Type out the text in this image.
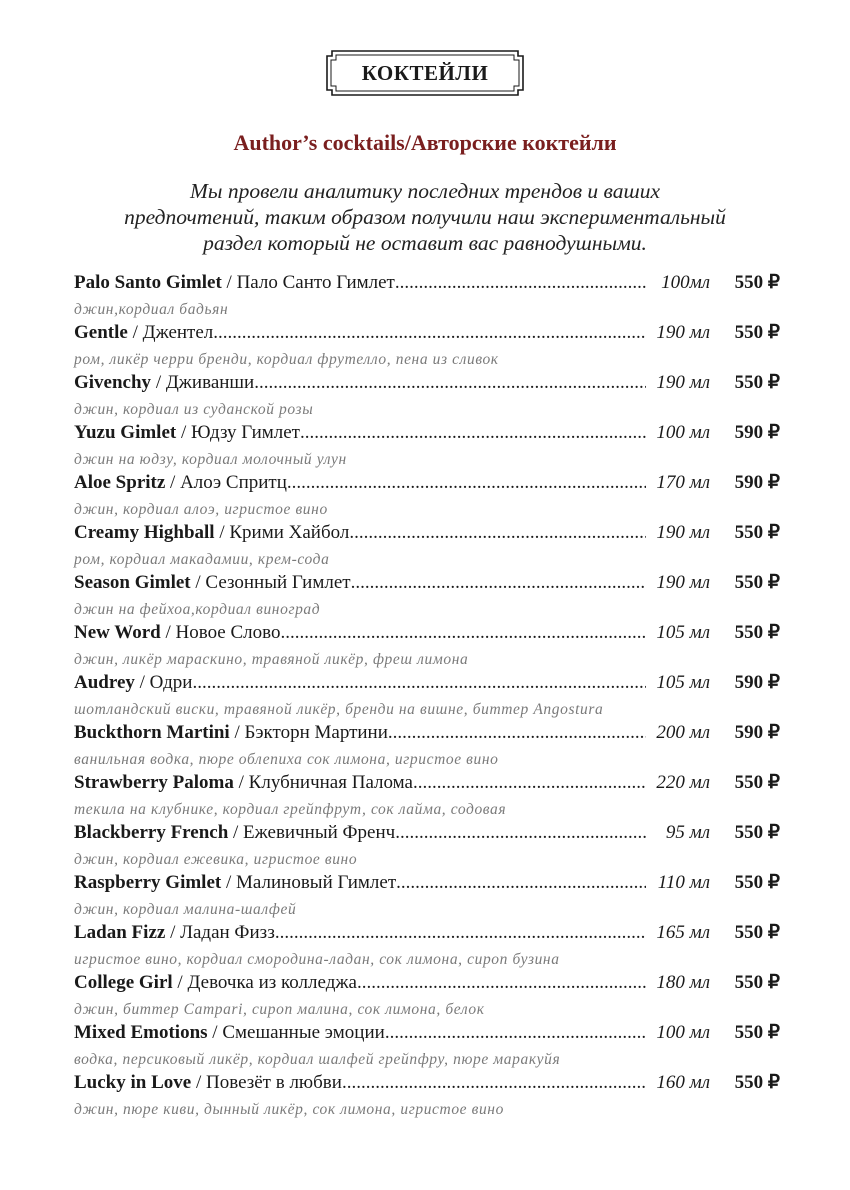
КОКТЕЙЛИ
Author’s cocktails/Авторские коктейли
Мы провели аналитику последних трендов и ваших
предпочтений, таким образом получили наш экспериментальный
раздел который не оставит вас равнодушными.
Palo Santo Gimlet / Пало Санто Гимлет .....	100мл	550 ₽
джин,кордиал бадьян
Gentle / Джентел .....	190 мл	550 ₽
ром, ликёр черри бренди, кордиал фрутелло, пена из сливок
Givenchy / Дживанши .....	190 мл	550 ₽
джин, кордиал из суданской розы
Yuzu Gimlet / Юдзу Гимлет .....	100 мл	590 ₽
джин на юдзу, кордиал молочный улун
Aloe Spritz / Алоэ Спритц .....	170 мл	590 ₽
джин, кордиал алоэ, игристое вино
Creamy Highball / Крими Хайбол .....	190 мл	550 ₽
ром, кордиал макадамии, крем-сода
Season Gimlet / Сезонный Гимлет .....	190 мл	550 ₽
джин на фейхоа,кордиал виноград
New Word / Новое Слово .....	105 мл	550 ₽
джин, ликёр мараскино, травяной ликёр, фреш лимона
Audrey / Одри .....	105 мл	590 ₽
шотландский виски, травяной ликёр, бренди на вишне, биттер Angostura
Buckthorn Martini / Бэкторн Мартини .....	200 мл	590 ₽
ванильная водка, пюре облепиха сок лимона, игристое вино
Strawberry Paloma / Клубничная Палома .....	220 мл	550 ₽
текила на клубнике, кордиал грейпфрут, сок лайма, содовая
Blackberry French / Ежевичный Френч .....	95 мл	550 ₽
джин, кордиал ежевика, игристое вино
Raspberry Gimlet / Малиновый Гимлет .....	110 мл	550 ₽
джин, кордиал малина-шалфей
Ladan Fizz / Ладан Физз .....	165 мл	550 ₽
игристое вино, кордиал смородина-ладан, сок лимона, сироп бузина
College Girl / Девочка из колледжа .....	180 мл	550 ₽
джин, биттер Campari, сироп малина, сок лимона, белок
Mixed Emotions / Смешанные эмоции .....	100 мл	550 ₽
водка, персиковый ликёр, кордиал шалфей грейпфру, пюре маракуйя
Lucky in Love / Повезёт в любви .....	160 мл	550 ₽
джин, пюре киви, дынный ликёр, сок лимона, игристое вино
